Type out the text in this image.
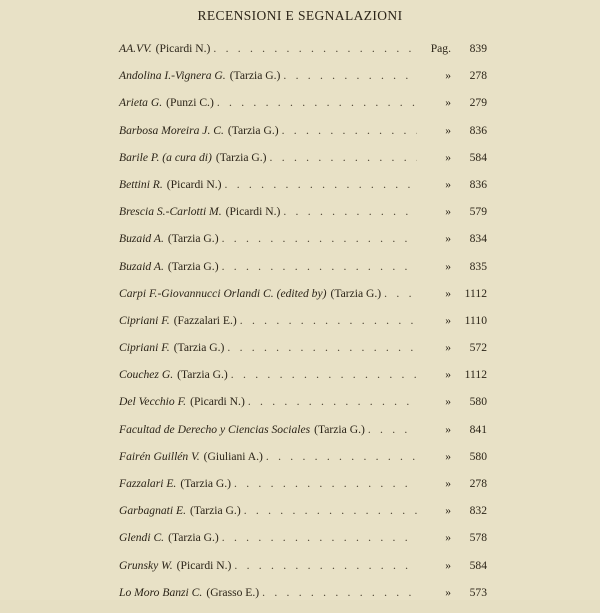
RECENSIONI E SEGNALAZIONI
AA.VV. (Picardi N.) . . .	Pag.	839
Andolina I.-Vignera G. (Tarzia G.) . . .	»	278
Arieta G. (Punzi C.) . . .	»	279
Barbosa Moreira J. C. (Tarzia G.) . . .	»	836
Barile P. (a cura di) (Tarzia G.) . . .	»	584
Bettini R. (Picardi N.) . . .	»	836
Brescia S.-Carlotti M. (Picardi N.) . . .	»	579
Buzaid A. (Tarzia G.) . . .	»	834
Buzaid A. (Tarzia G.) . . .	»	835
Carpi F.-Giovannucci Orlandi C. (edited by) (Tarzia G.) . . .	»	1112
Cipriani F. (Fazzalari E.) . . .	»	1110
Cipriani F. (Tarzia G.) . . .	»	572
Couchez G. (Tarzia G.) . . .	»	1112
Del Vecchio F. (Picardi N.) . . .	»	580
Facultad de Derecho y Ciencias Sociales (Tarzia G.) . . .	»	841
Fairén Guillén V. (Giuliani A.) . . .	»	580
Fazzalari E. (Tarzia G.) . . .	»	278
Garbagnati E. (Tarzia G.) . . .	»	832
Glendi C. (Tarzia G.) . . .	»	578
Grunsky W. (Picardi N.) . . .	»	584
Lo Moro Banzi C. (Grasso E.) . . .	»	573
